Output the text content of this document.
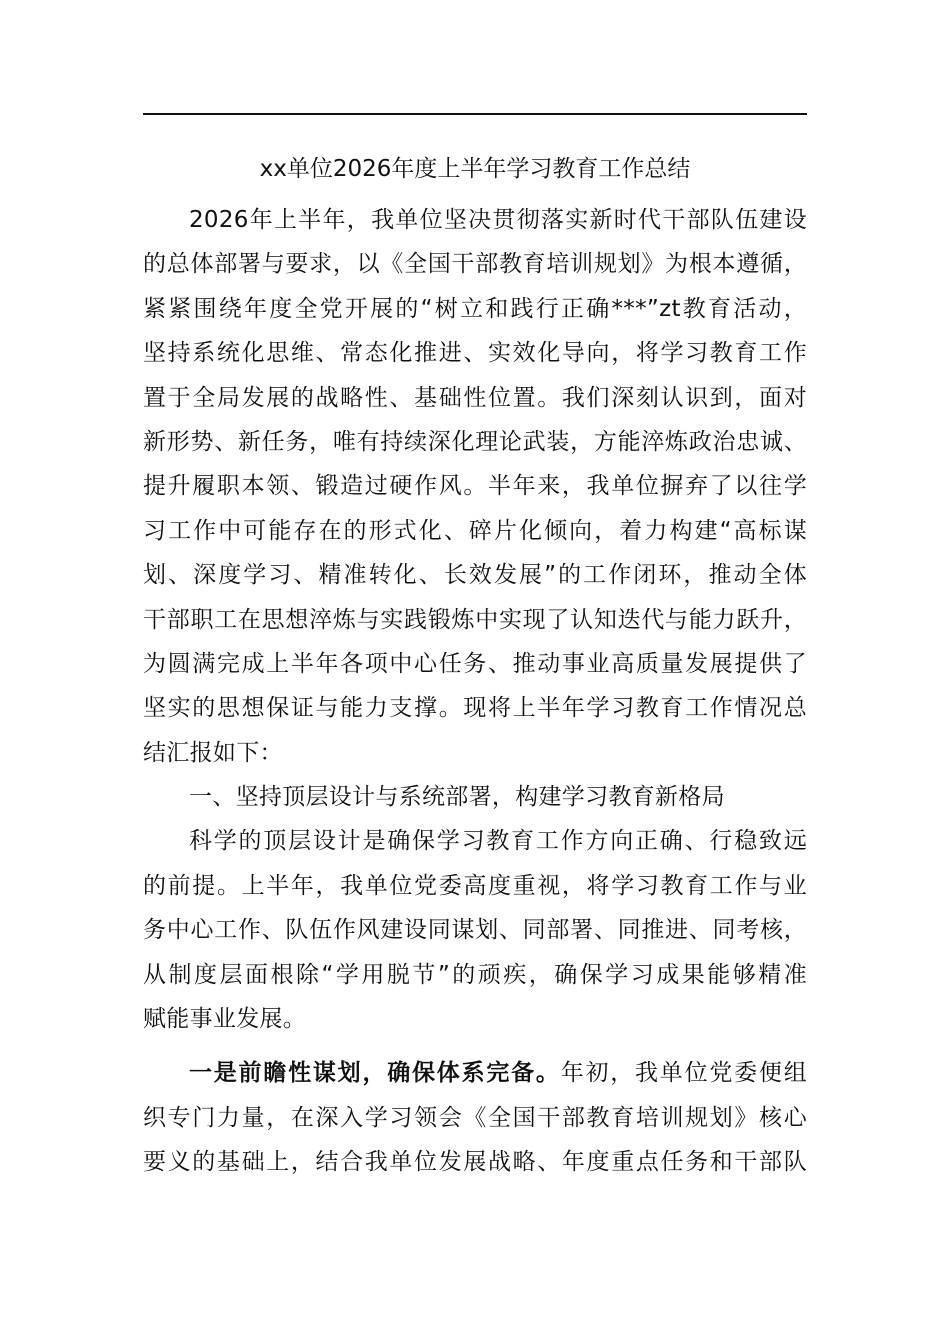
xx单位2026年度上半年学习教育工作总结
2026年上半年，我单位坚决贯彻落实新时代干部队伍建设
的总体部署与要求，以《全国干部教育培训规划》为根本遵循，
紧紧围绕年度全党开展的“树立和践行正确***”zt教育活动，
坚持系统化思维、常态化推进、实效化导向，将学习教育工作
置于全局发展的战略性、基础性位置。我们深刻认识到，面对
新形势、新任务，唯有持续深化理论武装，方能淬炼政治忠诚、
提升履职本领、锻造过硬作风。半年来，我单位摒弃了以往学
习工作中可能存在的形式化、碎片化倾向，着力构建“高标谋
划、深度学习、精准转化、长效发展”的工作闭环，推动全体
干部职工在思想淬炼与实践锻炼中实现了认知迭代与能力跃升，
为圆满完成上半年各项中心任务、推动事业高质量发展提供了
坚实的思想保证与能力支撑。现将上半年学习教育工作情况总
结汇报如下：
一、坚持顶层设计与系统部署，构建学习教育新格局
科学的顶层设计是确保学习教育工作方向正确、行稳致远
的前提。上半年，我单位党委高度重视，将学习教育工作与业
务中心工作、队伍作风建设同谋划、同部署、同推进、同考核，
从制度层面根除“学用脱节”的顽疾，确保学习成果能够精准
赋能事业发展。
一是前瞻性谋划，确保体系完备。年初，我单位党委便组
织专门力量，在深入学习领会《全国干部教育培训规划》核心
要义的基础上，结合我单位发展战略、年度重点任务和干部队
